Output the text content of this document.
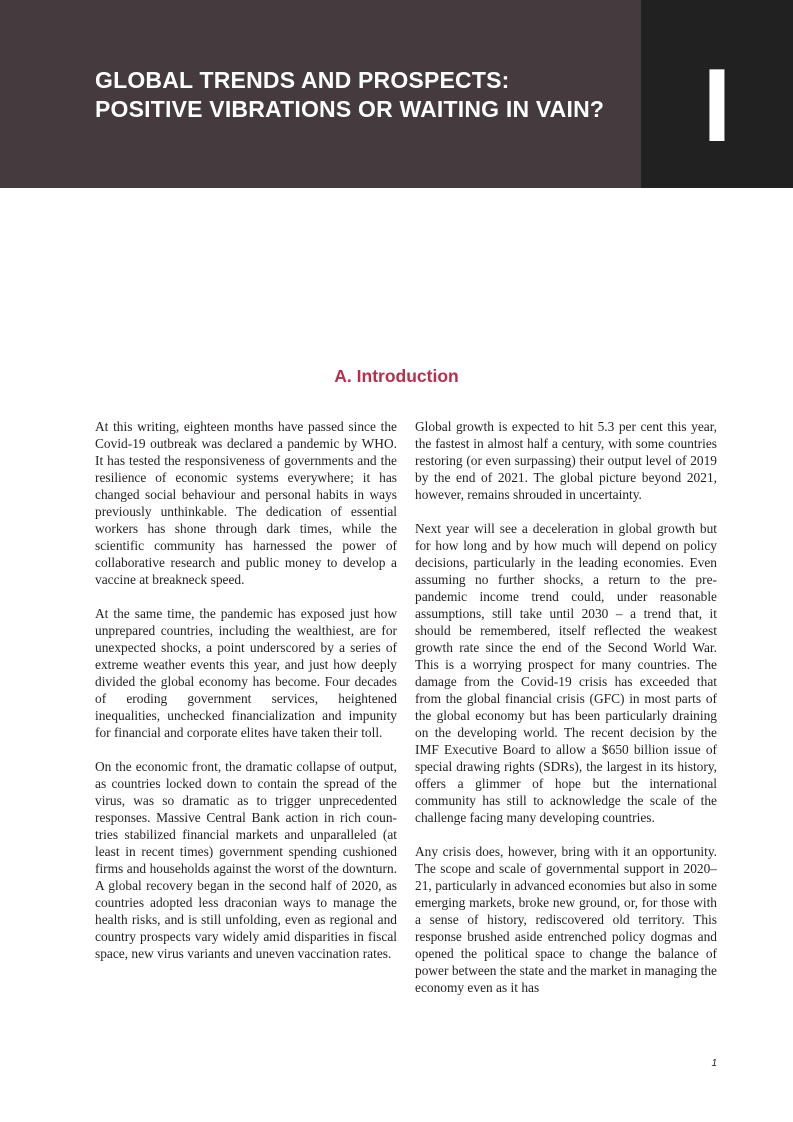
GLOBAL TRENDS AND PROSPECTS: POSITIVE VIBRATIONS OR WAITING IN VAIN? I
A. Introduction

At this writing, eighteen months have passed since the Covid-19 outbreak was declared a pandemic by WHO. It has tested the responsiveness of governments and the resilience of economic systems everywhere; it has changed social behaviour and personal habits in ways previously unthinkable. The dedication of essential workers has shone through dark times, while the scientific community has harnessed the power of collaborative research and public money to develop a vaccine at breakneck speed.

At the same time, the pandemic has exposed just how unprepared countries, including the wealthiest, are for unexpected shocks, a point underscored by a series of extreme weather events this year, and just how deeply divided the global economy has become. Four decades of eroding government services, heightened inequalities, unchecked financialization and impunity for financial and corporate elites have taken their toll.

On the economic front, the dramatic collapse of output, as countries locked down to contain the spread of the virus, was so dramatic as to trigger unprecedented responses. Massive Central Bank action in rich countries stabilized financial markets and unparalleled (at least in recent times) government spending cushioned firms and households against the worst of the downturn. A global recovery began in the second half of 2020, as countries adopted less draconian ways to manage the health risks, and is still unfolding, even as regional and country prospects vary widely amid disparities in fiscal space, new virus variants and uneven vaccination rates.

Global growth is expected to hit 5.3 per cent this year, the fastest in almost half a century, with some countries restoring (or even surpassing) their output level of 2019 by the end of 2021. The global picture beyond 2021, however, remains shrouded in uncertainty.

Next year will see a deceleration in global growth but for how long and by how much will depend on policy decisions, particularly in the leading economies. Even assuming no further shocks, a return to the pre-pandemic income trend could, under reasonable assumptions, still take until 2030 – a trend that, it should be remembered, itself reflected the weakest growth rate since the end of the Second World War. This is a worrying prospect for many countries. The damage from the Covid-19 crisis has exceeded that from the global financial crisis (GFC) in most parts of the global economy but has been particularly draining on the developing world. The recent decision by the IMF Executive Board to allow a $650 billion issue of special drawing rights (SDRs), the largest in its history, offers a glimmer of hope but the international community has still to acknowledge the scale of the challenge facing many developing countries.

Any crisis does, however, bring with it an opportunity. The scope and scale of governmental support in 2020–21, particularly in advanced economies but also in some emerging markets, broke new ground, or, for those with a sense of history, rediscovered old territory. This response brushed aside entrenched policy dogmas and opened the political space to change the balance of power between the state and the market in managing the economy even as it has

1
